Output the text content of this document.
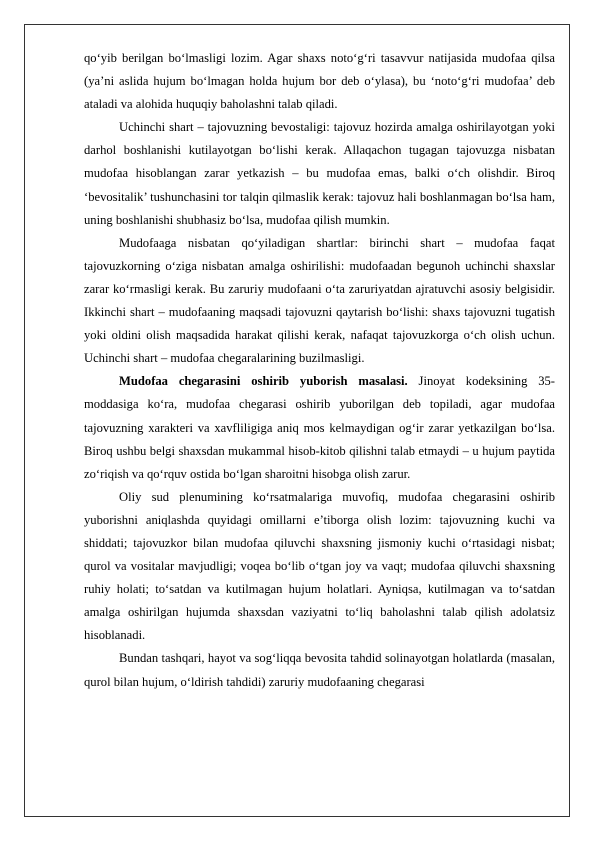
qo‘yib berilgan bo‘lmasligi lozim. Agar shaxs noto‘g‘ri tasavvur natijasida mudofaa qilsa (ya’ni aslida hujum bo‘lmagan holda hujum bor deb o‘ylasa), bu ‘noto‘g‘ri mudofaa’ deb ataladi va alohida huquqiy baholashni talab qiladi.

Uchinchi shart – tajovuzning bevostaligi: tajovuz hozirda amalga oshirilayotgan yoki darhol boshlanishi kutilayotgan bo‘lishi kerak. Allaqachon tugagan tajovuzga nisbatan mudofaa hisoblangan zarar yetkazish – bu mudofaa emas, balki o‘ch olishdir. Biroq ‘bevositalik’ tushunchasini tor talqin qilmaslik kerak: tajovuz hali boshlanmagan bo‘lsa ham, uning boshlanishi shubhasiz bo‘lsa, mudofaa qilish mumkin.

Mudofaaga nisbatan qo‘yiladigan shartlar: birinchi shart – mudofaa faqat tajovuzkorning o‘ziga nisbatan amalga oshirilishi: mudofaadan begunoh uchinchi shaxslar zarar ko‘rmasligi kerak. Bu zaruriy mudofaani o‘ta zaruriyatdan ajratuvchi asosiy belgisidir. Ikkinchi shart – mudofaaning maqsadi tajovuzni qaytarish bo‘lishi: shaxs tajovuzni tugatish yoki oldini olish maqsadida harakat qilishi kerak, nafaqat tajovuzkorga o‘ch olish uchun. Uchinchi shart – mudofaa chegaralarining buzilmasligi.

Mudofaa chegarasini oshirib yuborish masalasi. Jinoyat kodeksining 35-moddasiga ko‘ra, mudofaa chegarasi oshirib yuborilgan deb topiladi, agar mudofaa tajovuzning xarakteri va xavfliligiga aniq mos kelmaydigan og‘ir zarar yetkazilgan bo‘lsa. Biroq ushbu belgi shaxsdan mukammal hisob-kitob qilishni talab etmaydi – u hujum paytida zo‘riqish va qo‘rquv ostida bo‘lgan sharoitni hisobga olish zarur.

Oliy sud plenumining ko‘rsatmalariga muvofiq, mudofaa chegarasini oshirib yuborishni aniqlashda quyidagi omillarni e’tiborga olish lozim: tajovuzning kuchi va shiddati; tajovuzkor bilan mudofaa qiluvchi shaxsning jismoniy kuchi o‘rtasidagi nisbat; qurol va vositalar mavjudligi; voqea bo‘lib o‘tgan joy va vaqt; mudofaa qiluvchi shaxsning ruhiy holati; to‘satdan va kutilmagan hujum holatlari. Ayniqsa, kutilmagan va to‘satdan amalga oshirilgan hujumda shaxsdan vaziyatni to‘liq baholashni talab qilish adolatsiz hisoblanadi.

Bundan tashqari, hayot va sog‘liqqa bevosita tahdid solinayotgan holatlarda (masalan, qurol bilan hujum, o‘ldirish tahdidi) zaruriy mudofaaning chegarasi
